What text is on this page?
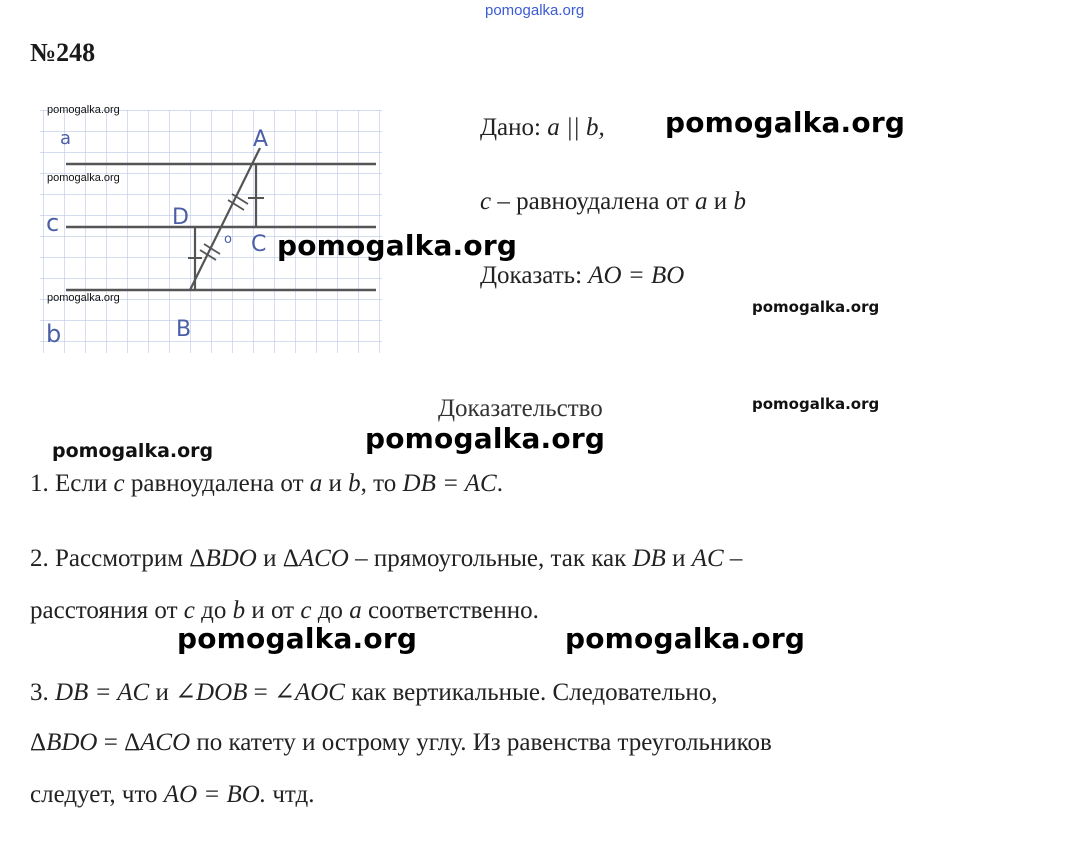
pomogalka.org
№248
a
c
b
A
D
C
B
o
pomogalka.org
pomogalka.org
pomogalka.org
pomogalka.org
pomogalka.org
pomogalka.org
pomogalka.org	pomogalka.org
pomogalka.org
pomogalka.org
pomogalka.org
Дано: a || b,
c – равноудалена от a и b
Доказать: AO = BO
Доказательство
1. Если c равноудалена от a и b, то DB = AC.
2. Рассмотрим ΔBDO и ΔACO – прямоугольные, так как DB и AC –
расстояния от c до b и от c до a соответственно.
3. DB = AC и ∠DOB = ∠AOC как вертикальные. Следовательно,
ΔBDO = ΔACO по катету и острому углу. Из равенства треугольников
следует, что AO = BO. чтд.
